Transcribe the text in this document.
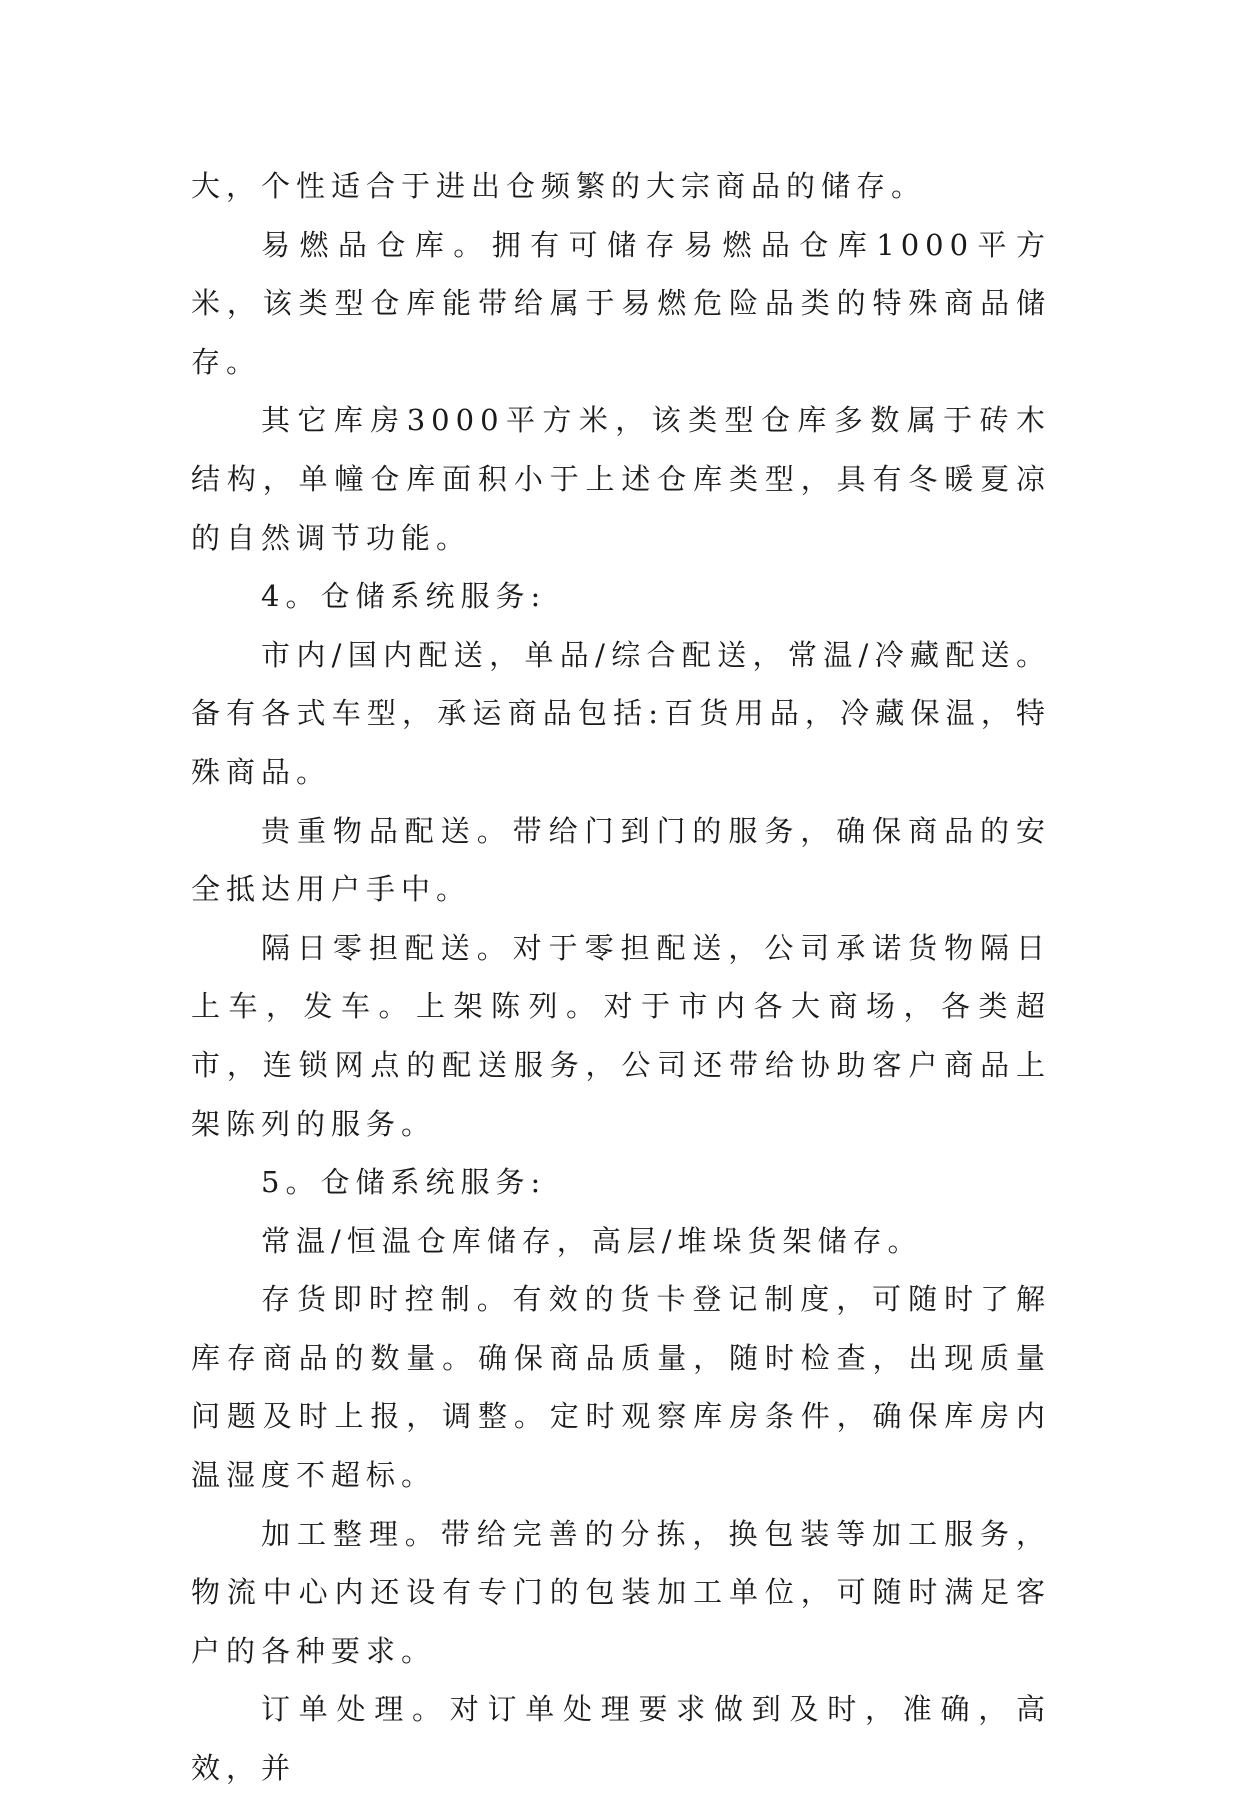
大，个性适合于进出仓频繁的大宗商品的储存。

易燃品仓库。拥有可储存易燃品仓库1000平方米，该类型仓库能带给属于易燃危险品类的特殊商品储存。

其它库房3000平方米，该类型仓库多数属于砖木结构，单幢仓库面积小于上述仓库类型，具有冬暖夏凉的自然调节功能。

4。仓储系统服务:

市内/国内配送，单品/综合配送，常温/冷藏配送。备有各式车型，承运商品包括:百货用品，冷藏保温，特殊商品。

贵重物品配送。带给门到门的服务，确保商品的安全抵达用户手中。

隔日零担配送。对于零担配送，公司承诺货物隔日上车，发车。上架陈列。对于市内各大商场，各类超市，连锁网点的配送服务，公司还带给协助客户商品上架陈列的服务。

5。仓储系统服务:

常温/恒温仓库储存，高层/堆垛货架储存。

存货即时控制。有效的货卡登记制度，可随时了解库存商品的数量。确保商品质量，随时检查，出现质量问题及时上报，调整。定时观察库房条件，确保库房内温湿度不超标。

加工整理。带给完善的分拣，换包装等加工服务，物流中心内还设有专门的包装加工单位，可随时满足客户的各种要求。

订单处理。对订单处理要求做到及时，准确，高效，并
